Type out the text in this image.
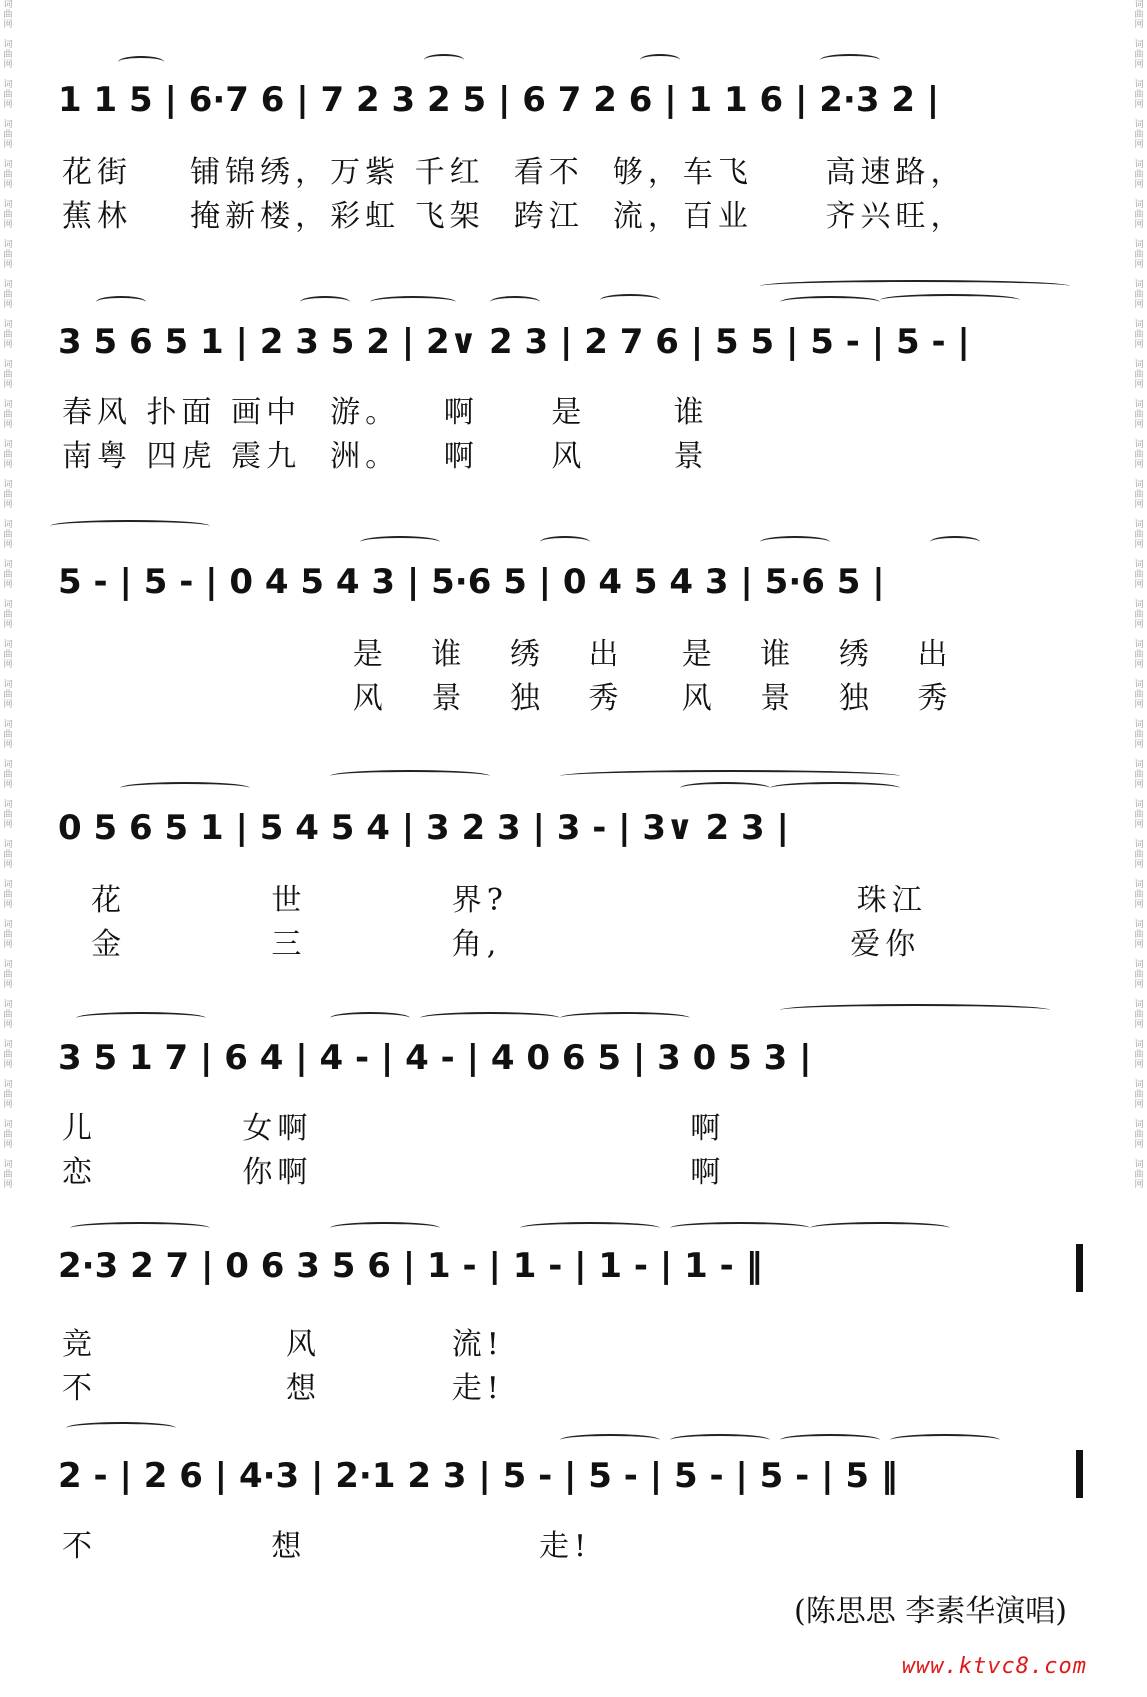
词
曲
网
词
曲
网
词
曲
网
词
曲
网
词
曲
网
词
曲
网
词
曲
网
词
曲
网
词
曲
网
词
曲
网
词
曲
网
词
曲
网
词
曲
网
词
曲
网
词
曲
网
词
曲
网
词
曲
网
词
曲
网
词
曲
网
词
曲
网
词
曲
网
词
曲
网
词
曲
网
词
曲
网
词
曲
网
词
曲
网
词
曲
网
词
曲
网
词
曲
网
词
曲
网
词
曲
网
词
曲
网
词
曲
网
词
曲
网
词
曲
网
词
曲
网
词
曲
网
词
曲
网
词
曲
网
词
曲
网
词
曲
网
词
曲
网
词
曲
网
词
曲
网
词
曲
网
词
曲
网
词
曲
网
词
曲
网
词
曲
网
词
曲
网
词
曲
网
词
曲
网
词
曲
网
词
曲
网
词
曲
网
词
曲
网
词
曲
网
词
曲
网
词
曲
网
词
曲
网
1 1 5 | 6·7 6 | 7 2 3 2 5 | 6 7 2 6 | 1 1 6 | 2·3 2 |
花街    铺锦绣，万紫 千红  看不  够，车飞     高速路，
蕉林    掩新楼，彩虹 飞架  跨江  流，百业     齐兴旺，
3 5 6 5 1 | 2 3 5 2 | 2∨ 2 3 | 2 7 6 | 5 5 | 5 - | 5 - |
春风 扑面 画中  游。   啊     是      谁
南粤 四虎 震九  洲。   啊     风      景
5 - | 5 - | 0 4 5 4 3 | 5·6 5 | 0 4 5 4 3 | 5·6 5 |
是   谁   绣   出    是   谁   绣   出
风   景   独   秀    风   景   独   秀
0 5 6 5 1 | 5 4 5 4 | 3 2 3 | 3 - | 3∨ 2 3 |
花          世          界?                        珠江
金          三          角,                        爱你
3 5 1 7 | 6 4 | 4 - | 4 - | 4 0 6 5 | 3 0 5 3 |
儿          女啊                          啊
恋          你啊                          啊
2·3 2 7 | 0 6 3 5 6 | 1 - | 1 - | 1 - | 1 - ‖
竞             风         流!
不             想         走!
2 - | 2 6 | 4·3 | 2·1 2 3 | 5 - | 5 - | 5 - | 5 - | 5 ‖
不            想                走!
(陈思思 李素华演唱)
www.ktvc8.com
